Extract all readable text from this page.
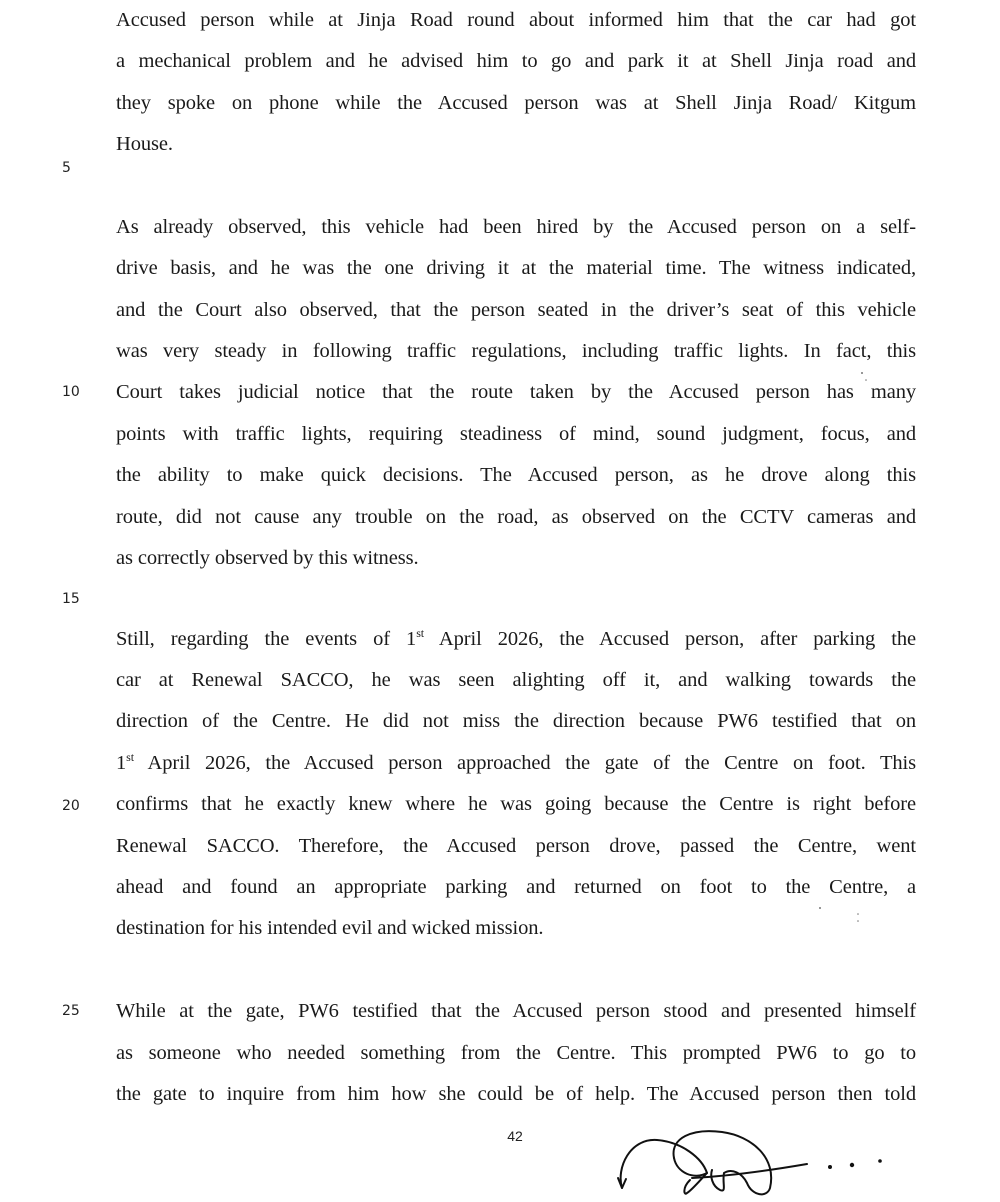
Accused person while at Jinja Road round about informed him that the car had got
a mechanical problem and he advised him to go and park it at Shell Jinja road and
they spoke on phone while the Accused person was at Shell Jinja Road/ Kitgum
House.
5
As already observed, this vehicle had been hired by the Accused person on a self-
drive basis, and he was the one driving it at the material time. The witness indicated,
and the Court also observed, that the person seated in the driver’s seat of this vehicle
was very steady in following traffic regulations, including traffic lights. In fact, this
Court takes judicial notice that the route taken by the Accused person has many
points with traffic lights, requiring steadiness of mind, sound judgment, focus, and
the ability to make quick decisions. The Accused person, as he drove along this
route, did not cause any trouble on the road, as observed on the CCTV cameras and
as correctly observed by this witness.
10
15
Still, regarding the events of 1st April 2026, the Accused person, after parking the
car at Renewal SACCO, he was seen alighting off it, and walking towards the
direction of the Centre. He did not miss the direction because PW6 testified that on
1st April 2026, the Accused person approached the gate of the Centre on foot. This
confirms that he exactly knew where he was going because the Centre is right before
Renewal SACCO. Therefore, the Accused person drove, passed the Centre, went
ahead and found an appropriate parking and returned on foot to the Centre, a
destination for his intended evil and wicked mission.
20
While at the gate, PW6 testified that the Accused person stood and presented himself
as someone who needed something from the Centre. This prompted PW6 to go to
the gate to inquire from him how she could be of help. The Accused person then told
25
42
